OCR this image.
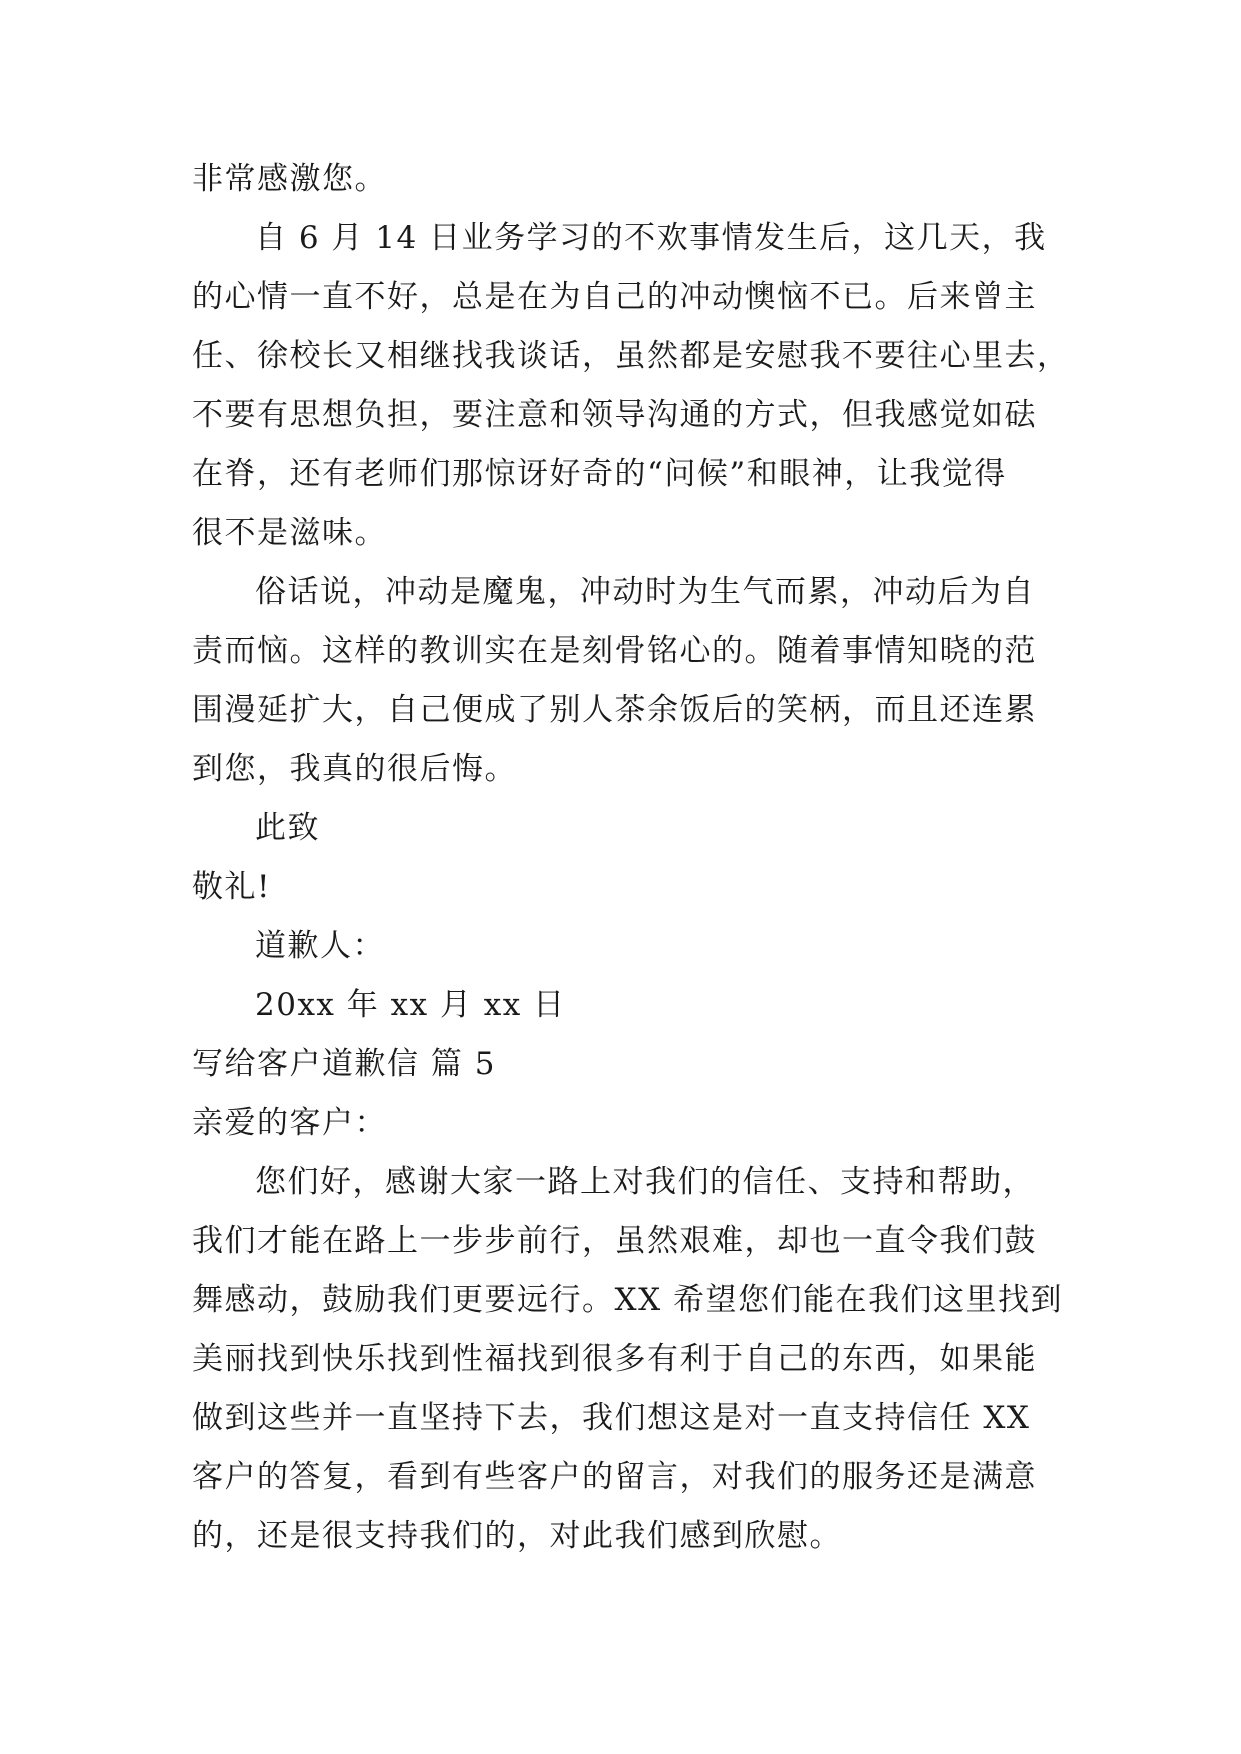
非常感激您。
自 6 月 14 日业务学习的不欢事情发生后，这几天，我
的心情一直不好，总是在为自己的冲动懊恼不已。后来曾主
任、徐校长又相继找我谈话，虽然都是安慰我不要往心里去，
不要有思想负担，要注意和领导沟通的方式，但我感觉如砝
在脊，还有老师们那惊讶好奇的“问候”和眼神，让我觉得
很不是滋味。
俗话说，冲动是魔鬼，冲动时为生气而累，冲动后为自
责而恼。这样的教训实在是刻骨铭心的。随着事情知晓的范
围漫延扩大，自己便成了别人茶余饭后的笑柄，而且还连累
到您，我真的很后悔。
此致
敬礼!
道歉人：
20xx 年 xx 月 xx 日
写给客户道歉信 篇 5
亲爱的客户：
您们好，感谢大家一路上对我们的信任、支持和帮助，
我们才能在路上一步步前行，虽然艰难，却也一直令我们鼓
舞感动，鼓励我们更要远行。XX 希望您们能在我们这里找到
美丽找到快乐找到性福找到很多有利于自己的东西，如果能
做到这些并一直坚持下去，我们想这是对一直支持信任 XX
客户的答复，看到有些客户的留言，对我们的服务还是满意
的，还是很支持我们的，对此我们感到欣慰。
